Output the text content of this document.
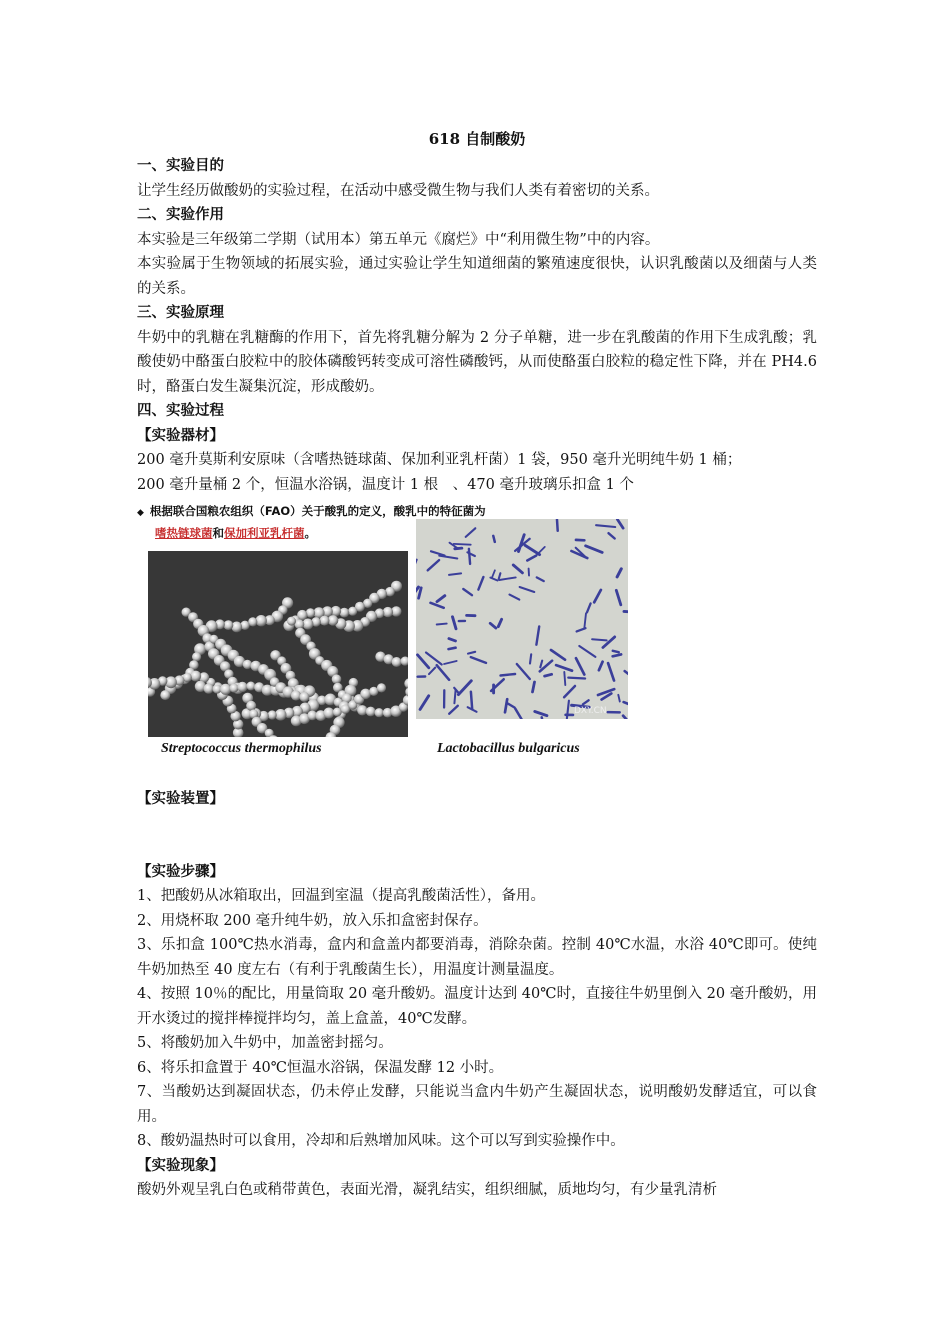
618 自制酸奶

一、实验目的

让学生经历做酸奶的实验过程，在活动中感受微生物与我们人类有着密切的关系。

二、实验作用

本实验是三年级第二学期（试用本）第五单元《腐烂》中“利用微生物”中的内容。

本实验属于生物领域的拓展实验，通过实验让学生知道细菌的繁殖速度很快，认识乳酸菌以及细菌与人类的关系。

三、实验原理

牛奶中的乳糖在乳糖酶的作用下，首先将乳糖分解为 2 分子单糖，进一步在乳酸菌的作用下生成乳酸；乳酸使奶中酪蛋白胶粒中的胶体磷酸钙转变成可溶性磷酸钙，从而使酪蛋白胶粒的稳定性下降，并在 PH4.6 时，酪蛋白发生凝集沉淀，形成酸奶。

四、实验过程

【实验器材】

200 毫升莫斯利安原味（含嗜热链球菌、保加利亚乳杆菌）1 袋，950 毫升光明纯牛奶 1 桶；

200 毫升量桶 2 个，恒温水浴锅，温度计 1 根　、470 毫升玻璃乐扣盒 1 个

◆ 根据联合国粮农组织（FAO）关于酸乳的定义，酸乳中的特征菌为
嗜热链球菌和保加利亚乳杆菌。
DXY.CN
Streptococcus thermophilus	Lactobacillus bulgaricus

【实验装置】

【实验步骤】

1、把酸奶从冰箱取出，回温到室温（提高乳酸菌活性），备用。

2、用烧杯取 200 毫升纯牛奶，放入乐扣盒密封保存。

3、乐扣盒 100℃热水消毒，盒内和盒盖内都要消毒，消除杂菌。控制 40℃水温，水浴 40℃即可。使纯牛奶加热至 40 度左右（有利于乳酸菌生长），用温度计测量温度。

4、按照 10％的配比，用量筒取 20 毫升酸奶。温度计达到 40℃时，直接往牛奶里倒入 20 毫升酸奶，用开水烫过的搅拌棒搅拌均匀，盖上盒盖，40℃发酵。

5、将酸奶加入牛奶中，加盖密封摇匀。

6、将乐扣盒置于 40℃恒温水浴锅，保温发酵 12 小时。

7、当酸奶达到凝固状态，仍未停止发酵，只能说当盒内牛奶产生凝固状态，说明酸奶发酵适宜，可以食用。

8、酸奶温热时可以食用，冷却和后熟增加风味。这个可以写到实验操作中。

【实验现象】

酸奶外观呈乳白色或稍带黄色，表面光滑，凝乳结实，组织细腻，质地均匀，有少量乳清析
